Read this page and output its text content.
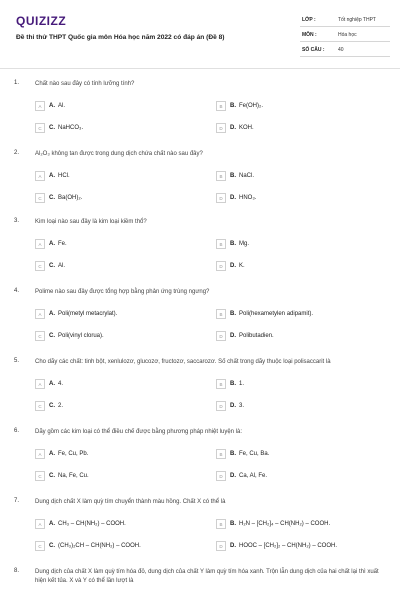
QUIZIZZ
Đề thi thử THPT Quốc gia môn Hóa học năm 2022 có đáp án (Đề 8)
LỚP :	Tốt nghiệp THPT
MÔN :	Hóa học
SỐ CÂU :	40
1.	Chất nào sau đây có tính lưỡng tính?
A	A. Al.	B	B. Fe(OH)₂.
C	C. NaHCO₃.	D	D. KOH.
2.	Al₂O₃ không tan được trong dung dịch chứa chất nào sau đây?
A	A. HCl.	B	B. NaCl.
C	C. Ba(OH)₂.	D	D. HNO₃.
3.	Kim loại nào sau đây là kim loại kiềm thổ?
A	A. Fe.	B	B. Mg.
C	C. Al.	D	D. K.
4.	Polime nào sau đây được tổng hợp bằng phản ứng trùng ngưng?
A	A. Poli(metyl metacrylat).	B	B. Poli(hexametylen adipamit).
C	C. Poli(vinyl clorua).	D	D. Polibutadien.
5.	Cho dãy các chất: tinh bột, xenlulozơ, glucozơ, fructozơ, saccarozơ. Số chất trong dãy thuộc loại polisaccarit là
A	A. 4.	B	B. 1.
C	C. 2.	D	D. 3.
6.	Dãy gồm các kim loại có thể điều chế được bằng phương pháp nhiệt luyện là:
A	A. Fe, Cu, Pb.	B	B. Fe, Cu, Ba.
C	C. Na, Fe, Cu.	D	D. Ca, Al, Fe.
7.	Dung dịch chất X làm quỳ tím chuyển thành màu hồng. Chất X có thể là
A	A. CH₃ – CH(NH₂) – COOH.	B	B. H₂N – [CH₂]₄ – CH(NH₂) – COOH.
C	C. (CH₃)₂CH – CH(NH₂) – COOH.	D	D. HOOC – [CH₂]₂ – CH(NH₂) – COOH.
8.	Dung dịch của chất X làm quỳ tím hóa đỏ, dung dịch của chất Y làm quỳ tím hóa xanh. Trộn lẫn dung dịch của hai chất lại thì xuất hiện kết tủa. X và Y có thể lần lượt là
